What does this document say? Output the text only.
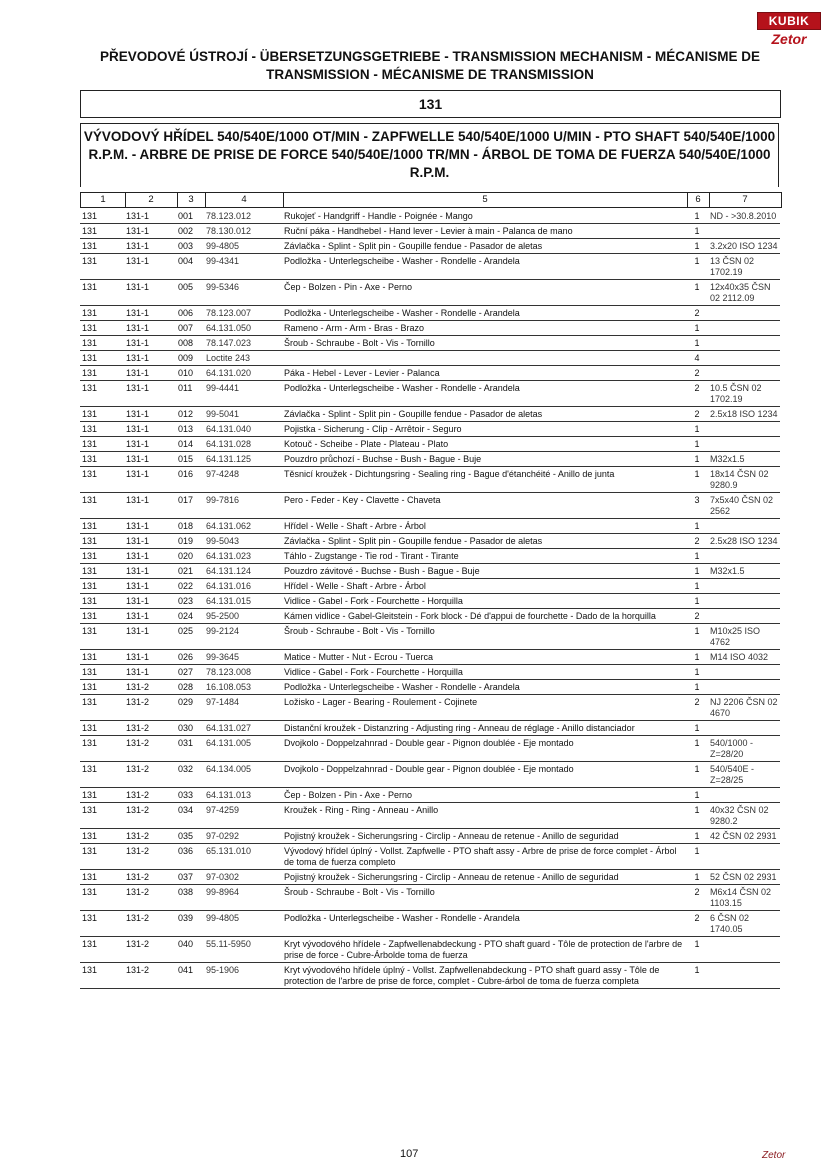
KUBIK
Zetor
PŘEVODOVÉ ÚSTROJÍ - ÜBERSETZUNGSGETRIEBE - TRANSMISSION MECHANISM - MÉCANISME DE TRANSMISSION - MÉCANISME DE TRANSMISSION
131
VÝVODOVÝ HŘÍDEL 540/540E/1000 OT/MIN - ZAPFWELLE 540/540E/1000 U/MIN - PTO SHAFT 540/540E/1000 R.P.M. - ARBRE DE PRISE DE FORCE 540/540E/1000 TR/MN - ÁRBOL DE TOMA DE FUERZA 540/540E/1000 R.P.M.
1	2	3	4	5	6	7
131	131-1	001	78.123.012	Rukojeť - Handgriff - Handle - Poignée - Mango	1	ND - >30.8.2010
131	131-1	002	78.130.012	Ruční páka - Handhebel - Hand lever - Levier à main - Palanca de mano	1	
131	131-1	003	99-4805	Závlačka - Splint - Split pin - Goupille fendue - Pasador de aletas	1	3.2x20 ISO 1234
131	131-1	004	99-4341	Podložka - Unterlegscheibe - Washer - Rondelle - Arandela	1	13 ČSN 02 1702.19
131	131-1	005	99-5346	Čep - Bolzen - Pin - Axe - Perno	1	12x40x35 ČSN 02 2112.09
131	131-1	006	78.123.007	Podložka - Unterlegscheibe - Washer - Rondelle - Arandela	2	
131	131-1	007	64.131.050	Rameno - Arm - Arm - Bras - Brazo	1	
131	131-1	008	78.147.023	Šroub - Schraube - Bolt - Vis - Tornillo	1	
131	131-1	009	Loctite 243		4	
131	131-1	010	64.131.020	Páka - Hebel - Lever - Levier - Palanca	2	
131	131-1	011	99-4441	Podložka - Unterlegscheibe - Washer - Rondelle - Arandela	2	10.5 ČSN 02 1702.19
131	131-1	012	99-5041	Závlačka - Splint - Split pin - Goupille fendue - Pasador de aletas	2	2.5x18 ISO 1234
131	131-1	013	64.131.040	Pojistka - Sicherung - Clip - Arrêtoir - Seguro	1	
131	131-1	014	64.131.028	Kotouč - Scheibe - Plate - Plateau - Plato	1	
131	131-1	015	64.131.125	Pouzdro průchozí - Buchse - Bush - Bague - Buje	1	M32x1.5
131	131-1	016	97-4248	Těsnicí kroužek - Dichtungsring - Sealing ring - Bague d'étanchéité - Anillo de junta	1	18x14 ČSN 02 9280.9
131	131-1	017	99-7816	Pero - Feder - Key - Clavette - Chaveta	3	7x5x40 ČSN 02 2562
131	131-1	018	64.131.062	Hřídel - Welle - Shaft - Arbre - Árbol	1	
131	131-1	019	99-5043	Závlačka - Splint - Split pin - Goupille fendue - Pasador de aletas	2	2.5x28 ISO 1234
131	131-1	020	64.131.023	Táhlo - Zugstange - Tie rod - Tirant - Tirante	1	
131	131-1	021	64.131.124	Pouzdro závitové - Buchse - Bush - Bague - Buje	1	M32x1.5
131	131-1	022	64.131.016	Hřídel - Welle - Shaft - Arbre - Árbol	1	
131	131-1	023	64.131.015	Vidlice - Gabel - Fork - Fourchette - Horquilla	1	
131	131-1	024	95-2500	Kámen vidlice - Gabel-Gleitstein - Fork block - Dé d'appui de fourchette - Dado de la horquilla	2	
131	131-1	025	99-2124	Šroub - Schraube - Bolt - Vis - Tornillo	1	M10x25 ISO 4762
131	131-1	026	99-3645	Matice - Mutter - Nut - Ecrou - Tuerca	1	M14 ISO 4032
131	131-1	027	78.123.008	Vidlice - Gabel - Fork - Fourchette - Horquilla	1	
131	131-2	028	16.108.053	Podložka - Unterlegscheibe - Washer - Rondelle - Arandela	1	
131	131-2	029	97-1484	Ložisko - Lager - Bearing - Roulement - Cojinete	2	NJ 2206 ČSN 02 4670
131	131-2	030	64.131.027	Distanční kroužek - Distanzring - Adjusting ring - Anneau de réglage - Anillo distanciador	1	
131	131-2	031	64.131.005	Dvojkolo - Doppelzahnrad - Double gear - Pignon doublée - Eje montado	1	540/1000 - Z=28/20
131	131-2	032	64.134.005	Dvojkolo - Doppelzahnrad - Double gear - Pignon doublée - Eje montado	1	540/540E - Z=28/25
131	131-2	033	64.131.013	Čep - Bolzen - Pin - Axe - Perno	1	
131	131-2	034	97-4259	Kroužek - Ring - Ring - Anneau - Anillo	1	40x32 ČSN 02 9280.2
131	131-2	035	97-0292	Pojistný kroužek - Sicherungsring - Circlip - Anneau de retenue - Anillo de seguridad	1	42 ČSN 02 2931
131	131-2	036	65.131.010	Vývodový hřídel úplný - Vollst. Zapfwelle - PTO shaft assy - Arbre de prise de force complet - Árbol de toma de fuerza completo	1	
131	131-2	037	97-0302	Pojistný kroužek - Sicherungsring - Circlip - Anneau de retenue - Anillo de seguridad	1	52 ČSN 02 2931
131	131-2	038	99-8964	Šroub - Schraube - Bolt - Vis - Tornillo	2	M6x14 ČSN 02 1103.15
131	131-2	039	99-4805	Podložka - Unterlegscheibe - Washer - Rondelle - Arandela	2	6 ČSN 02 1740.05
131	131-2	040	55.11-5950	Kryt vývodového hřídele - Zapfwellenabdeckung - PTO shaft guard - Tôle de protection de l'arbre de prise de force - Cubre-Árbolde toma de fuerza	1	
131	131-2	041	95-1906	Kryt vývodového hřídele úplný - Vollst. Zapfwellenabdeckung - PTO shaft guard assy - Tôle de protection de l'arbre de prise de force, complet - Cubre-árbol de toma de fuerza completa	1	
107	Zetor
